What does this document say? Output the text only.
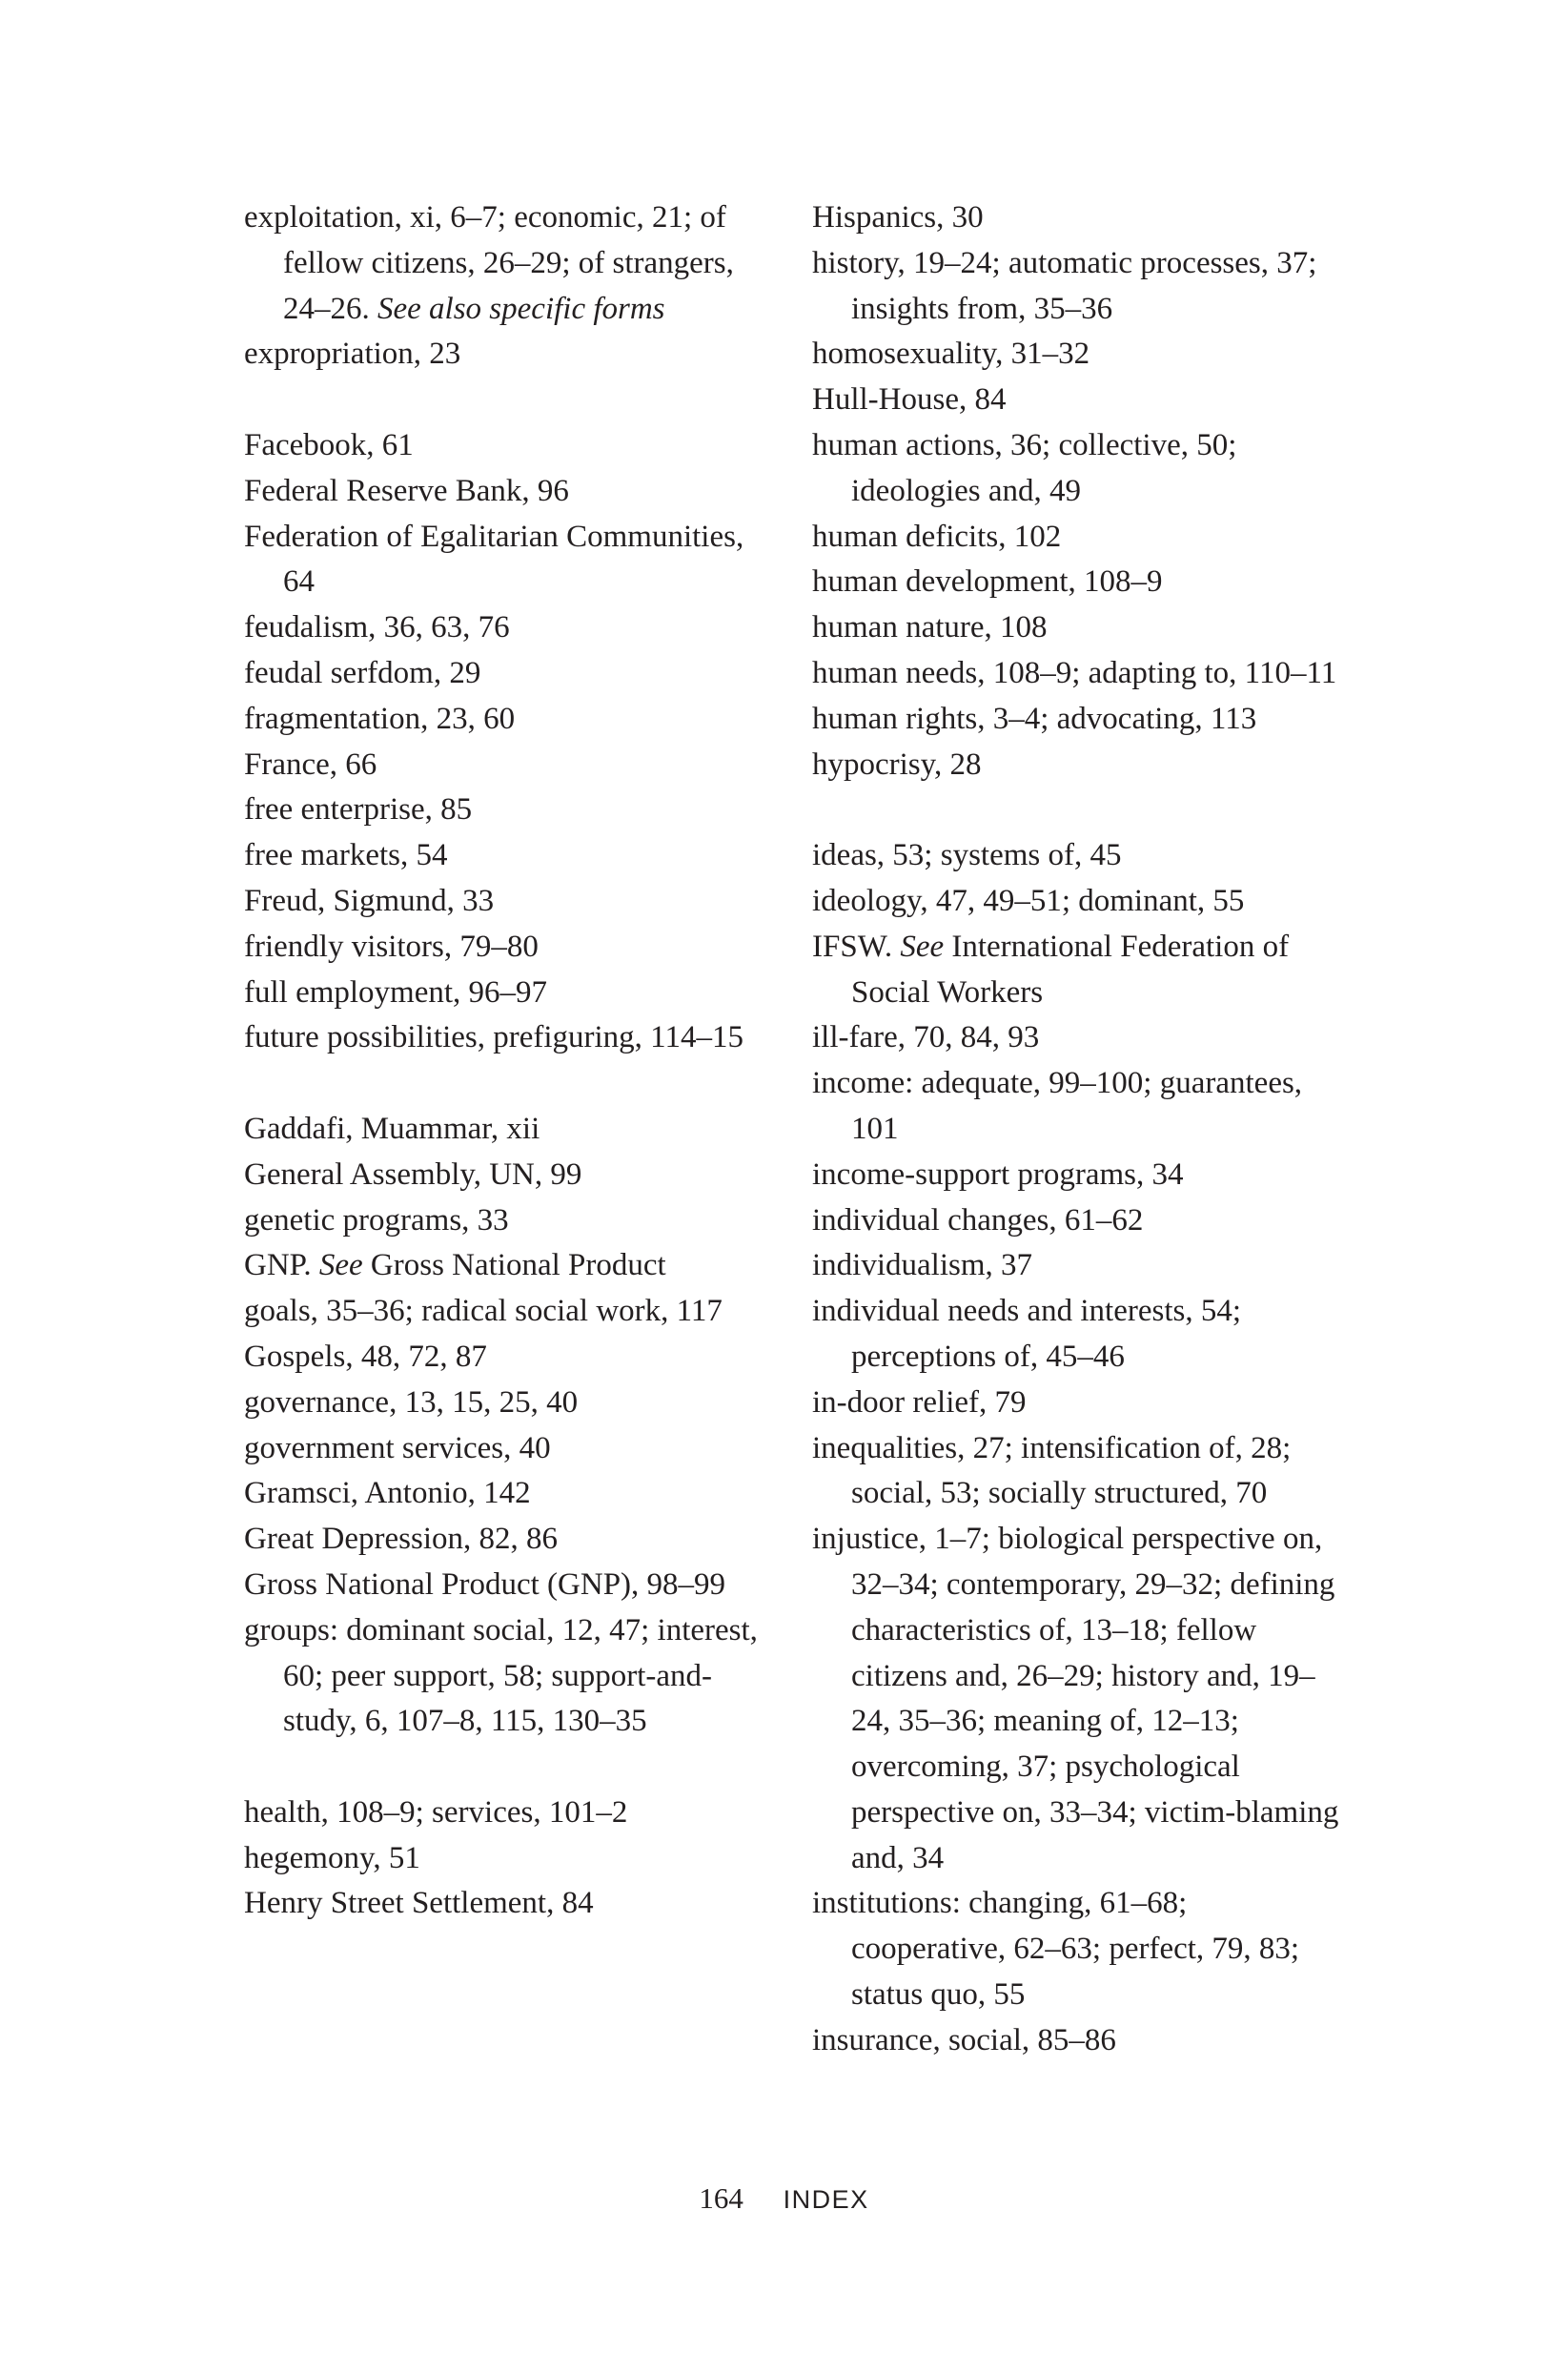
exploitation, xi, 6–7; economic, 21; of fellow citizens, 26–29; of strangers, 24–26. See also specific forms
expropriation, 23
Facebook, 61
Federal Reserve Bank, 96
Federation of Egalitarian Communities, 64
feudalism, 36, 63, 76
feudal serfdom, 29
fragmentation, 23, 60
France, 66
free enterprise, 85
free markets, 54
Freud, Sigmund, 33
friendly visitors, 79–80
full employment, 96–97
future possibilities, prefiguring, 114–15
Gaddafi, Muammar, xii
General Assembly, UN, 99
genetic programs, 33
GNP. See Gross National Product
goals, 35–36; radical social work, 117
Gospels, 48, 72, 87
governance, 13, 15, 25, 40
government services, 40
Gramsci, Antonio, 142
Great Depression, 82, 86
Gross National Product (GNP), 98–99
groups: dominant social, 12, 47; interest, 60; peer support, 58; support-and-study, 6, 107–8, 115, 130–35
health, 108–9; services, 101–2
hegemony, 51
Henry Street Settlement, 84
Hispanics, 30
history, 19–24; automatic processes, 37; insights from, 35–36
homosexuality, 31–32
Hull-House, 84
human actions, 36; collective, 50; ideologies and, 49
human deficits, 102
human development, 108–9
human nature, 108
human needs, 108–9; adapting to, 110–11
human rights, 3–4; advocating, 113
hypocrisy, 28
ideas, 53; systems of, 45
ideology, 47, 49–51; dominant, 55
IFSW. See International Federation of Social Workers
ill-fare, 70, 84, 93
income: adequate, 99–100; guarantees, 101
income-support programs, 34
individual changes, 61–62
individualism, 37
individual needs and interests, 54; perceptions of, 45–46
in-door relief, 79
inequalities, 27; intensification of, 28; social, 53; socially structured, 70
injustice, 1–7; biological perspective on, 32–34; contemporary, 29–32; defining characteristics of, 13–18; fellow citizens and, 26–29; history and, 19–24, 35–36; meaning of, 12–13; overcoming, 37; psychological perspective on, 33–34; victim-blaming and, 34
institutions: changing, 61–68; cooperative, 62–63; perfect, 79, 83; status quo, 55
insurance, social, 85–86
164 INDEX
